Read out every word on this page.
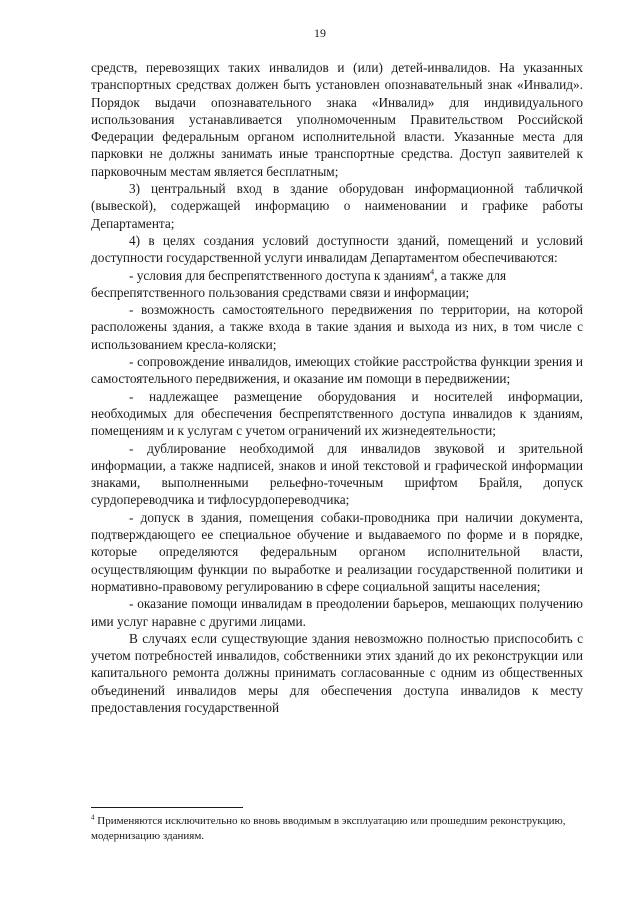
19

средств, перевозящих таких инвалидов и (или) детей-инвалидов. На указанных транспортных средствах должен быть установлен опознавательный знак «Инвалид». Порядок выдачи опознавательного знака «Инвалид» для индивидуального использования устанавливается уполномоченным Правительством Российской Федерации федеральным органом исполнительной власти. Указанные места для парковки не должны занимать иные транспортные средства. Доступ заявителей к парковочным местам является бесплатным;

3) центральный вход в здание оборудован информационной табличкой (вывеской), содержащей информацию о наименовании и графике работы Департамента;

4) в целях создания условий доступности зданий, помещений и условий доступности государственной услуги инвалидам Департаментом обеспечиваются:

- условия для беспрепятственного доступа к зданиям$^4$, а также для

беспрепятственного пользования средствами связи и информации;

- возможность самостоятельного передвижения по территории, на которой расположены здания, а также входа в такие здания и выхода из них, в том числе с использованием кресла-коляски;

- сопровождение инвалидов, имеющих стойкие расстройства функции зрения и самостоятельного передвижения, и оказание им помощи в передвижении;

- надлежащее размещение оборудования и носителей информации, необходимых для обеспечения беспрепятственного доступа инвалидов к зданиям, помещениям и к услугам с учетом ограничений их жизнедеятельности;

- дублирование необходимой для инвалидов звуковой и зрительной информации, а также надписей, знаков и иной текстовой и графической информации знаками, выполненными рельефно-точечным шрифтом Брайля, допуск сурдопереводчика и тифлосурдопереводчика;

- допуск в здания, помещения собаки-проводника при наличии документа, подтверждающего ее специальное обучение и выдаваемого по форме и в порядке, которые определяются федеральным органом исполнительной власти, осуществляющим функции по выработке и реализации государственной политики и нормативно-правовому регулированию в сфере социальной защиты населения;

- оказание помощи инвалидам в преодолении барьеров, мешающих получению ими услуг наравне с другими лицами.

В случаях если существующие здания невозможно полностью приспособить с учетом потребностей инвалидов, собственники этих зданий до их реконструкции или капитального ремонта должны принимать согласованные с одним из общественных объединений инвалидов меры для обеспечения доступа инвалидов к месту предоставления государственной

$^4$ Применяются исключительно ко вновь вводимым в эксплуатацию или прошедшим реконструкцию, модернизацию зданиям.
